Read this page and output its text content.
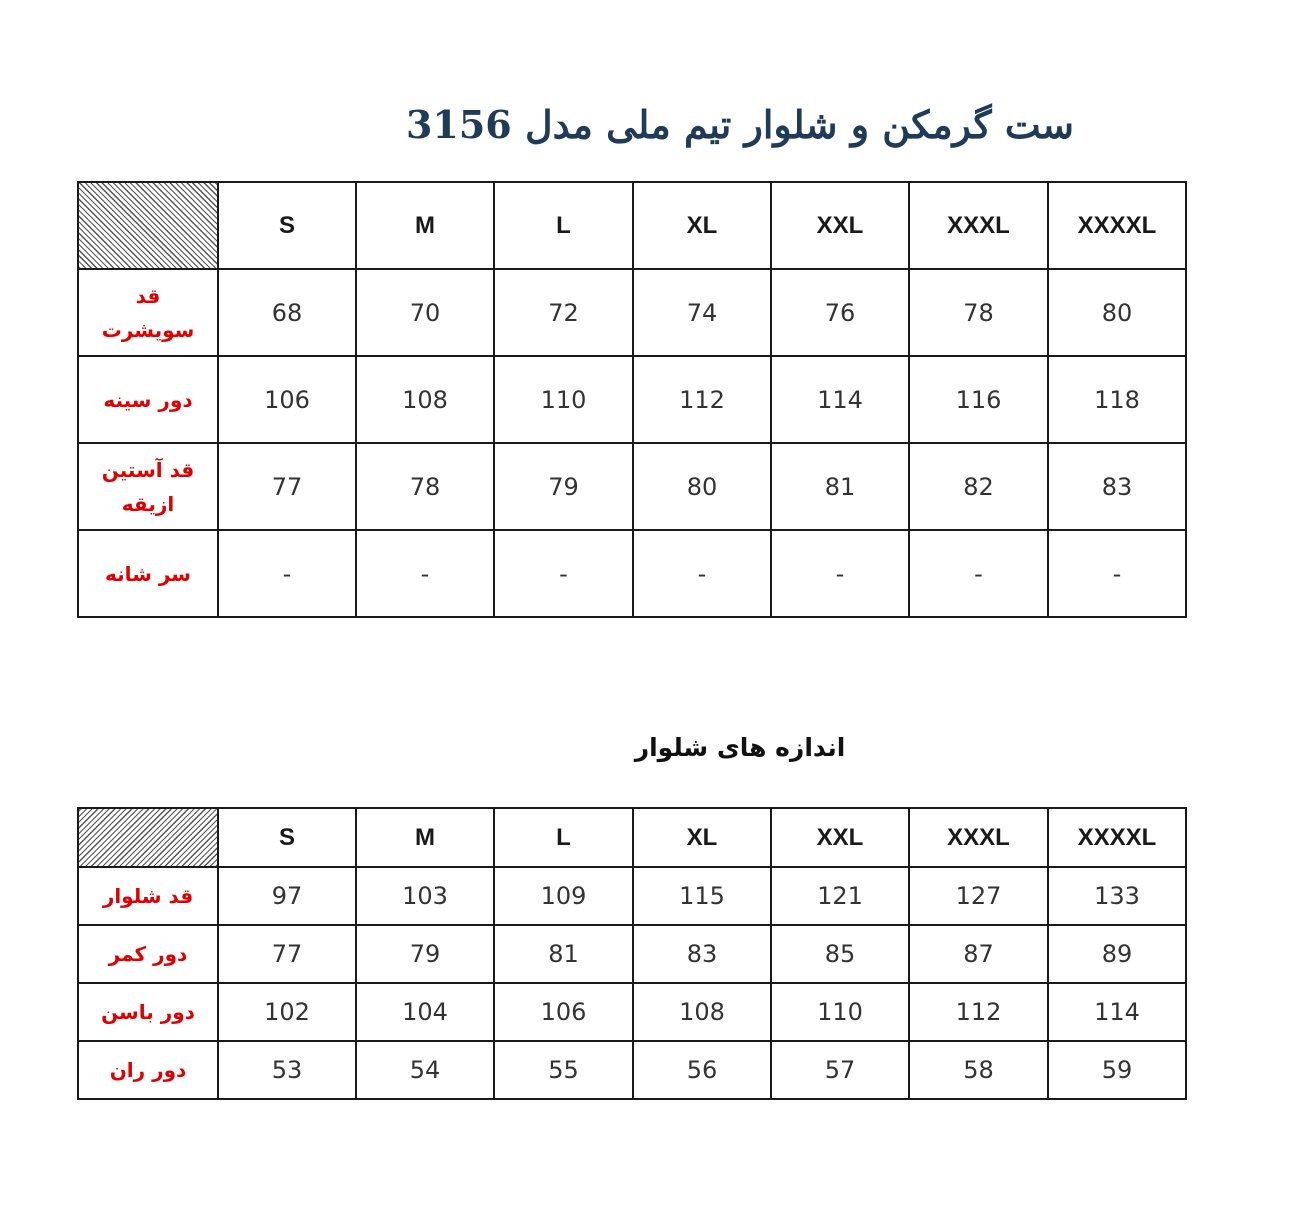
ست گرمکن و شلوار تیم ملی مدل 3156
	S	M	L	XL	XXL	XXXL	XXXXL
قد سویشرت	68	70	72	74	76	78	80
دور سینه	106	108	110	112	114	116	118
قد آستین ازیقه	77	78	79	80	81	82	83
سر شانه	-	-	-	-	-	-	-
اندازه های شلوار
	S	M	L	XL	XXL	XXXL	XXXXL
قد شلوار	97	103	109	115	121	127	133
دور کمر	77	79	81	83	85	87	89
دور باسن	102	104	106	108	110	112	114
دور ران	53	54	55	56	57	58	59
